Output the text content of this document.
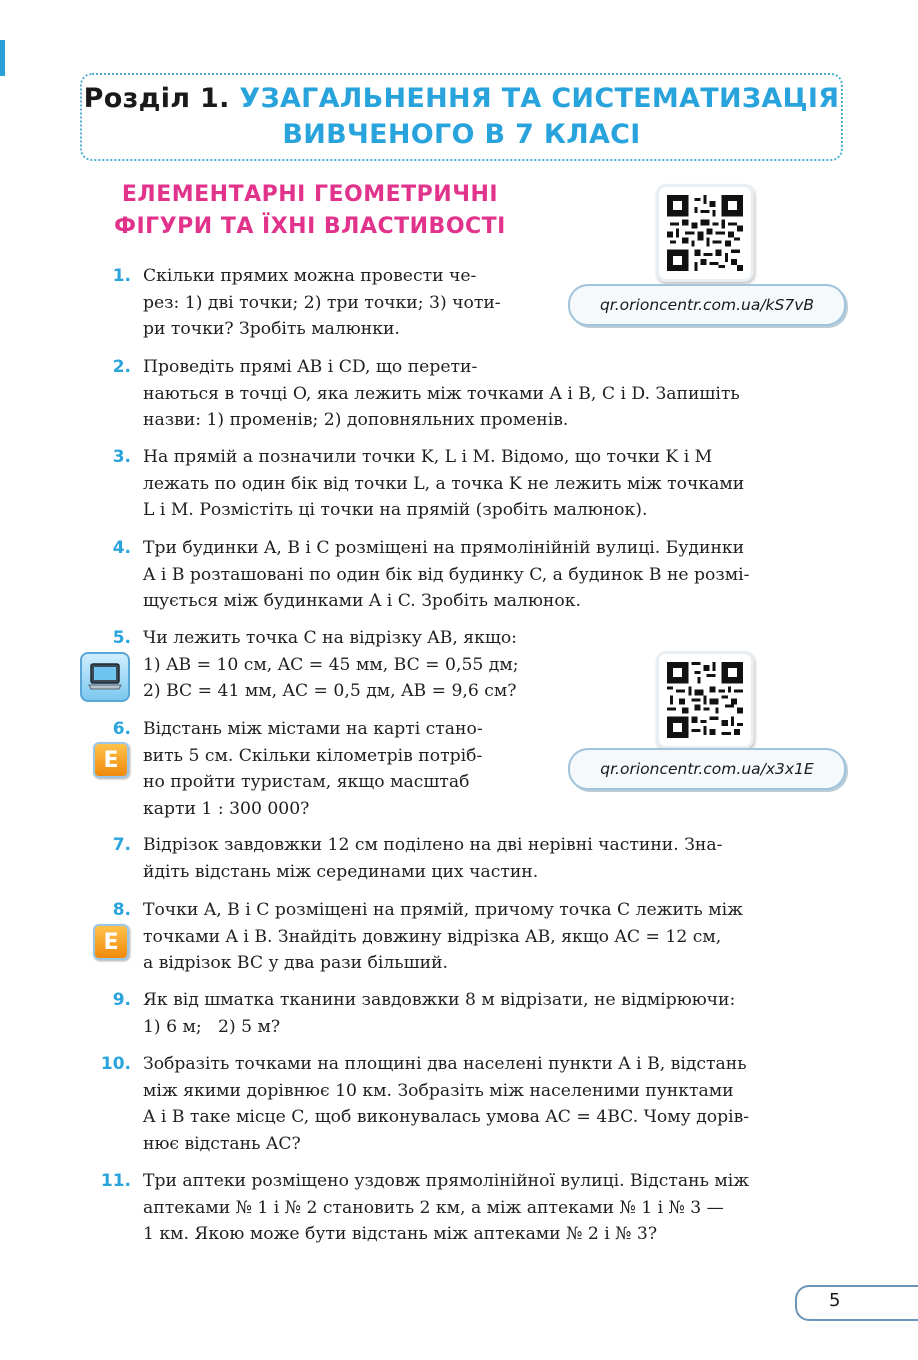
Розділ 1. УЗАГАЛЬНЕННЯ ТА СИСТЕМАТИЗАЦІЯ
ВИВЧЕНОГО В 7 КЛАСІ
ЕЛЕМЕНТАРНІ ГЕОМЕТРИЧНІ
ФІГУРИ ТА ЇХНІ ВЛАСТИВОСТІ
qr.orioncentr.com.ua/kS7vB
qr.orioncentr.com.ua/x3x1E
E
E
1. Скільки прямих можна провести че-
рез: 1) дві точки; 2) три точки; 3) чоти-
ри точки? Зробіть малюнки.
2. Проведіть прямі AB і CD, що перети-
наються в точці O, яка лежить між точками A і B, C і D. Запишіть
назви: 1) променів; 2) доповняльних променів.
3. На прямій a позначили точки K, L і M. Відомо, що точки K і M
лежать по один бік від точки L, а точка K не лежить між точками
L і M. Розмістіть ці точки на прямій (зробіть малюнок).
4. Три будинки A, B і C розміщені на прямолінійній вулиці. Будинки
A і B розташовані по один бік від будинку C, а будинок B не розмі-
щується між будинками A і C. Зробіть малюнок.
5. Чи лежить точка C на відрізку AB, якщо:
1) AB = 10 см, AC = 45 мм, BC = 0,55 дм;
2) BC = 41 мм, AC = 0,5 дм, AB = 9,6 см?
6. Відстань між містами на карті стано-
вить 5 см. Скільки кілометрів потріб-
но пройти туристам, якщо масштаб
карти 1 : 300 000?
7. Відрізок завдовжки 12 см поділено на дві нерівні частини. Зна-
йдіть відстань між серединами цих частин.
8. Точки A, B і C розміщені на прямій, причому точка C лежить між
точками A і B. Знайдіть довжину відрізка AB, якщо AC = 12 см,
а відрізок BC у два рази більший.
9. Як від шматка тканини завдовжки 8 м відрізати, не відмірюючи:
1) 6 м;   2) 5 м?
10. Зобразіть точками на площині два населені пункти A і B, відстань
між якими дорівнює 10 км. Зобразіть між населеними пунктами
A і B таке місце C, щоб виконувалась умова AC = 4BC. Чому дорів-
нює відстань AC?
11. Три аптеки розміщено уздовж прямолінійної вулиці. Відстань між
аптеками № 1 і № 2 становить 2 км, а між аптеками № 1 і № 3 —
1 км. Якою може бути відстань між аптеками № 2 і № 3?
5
